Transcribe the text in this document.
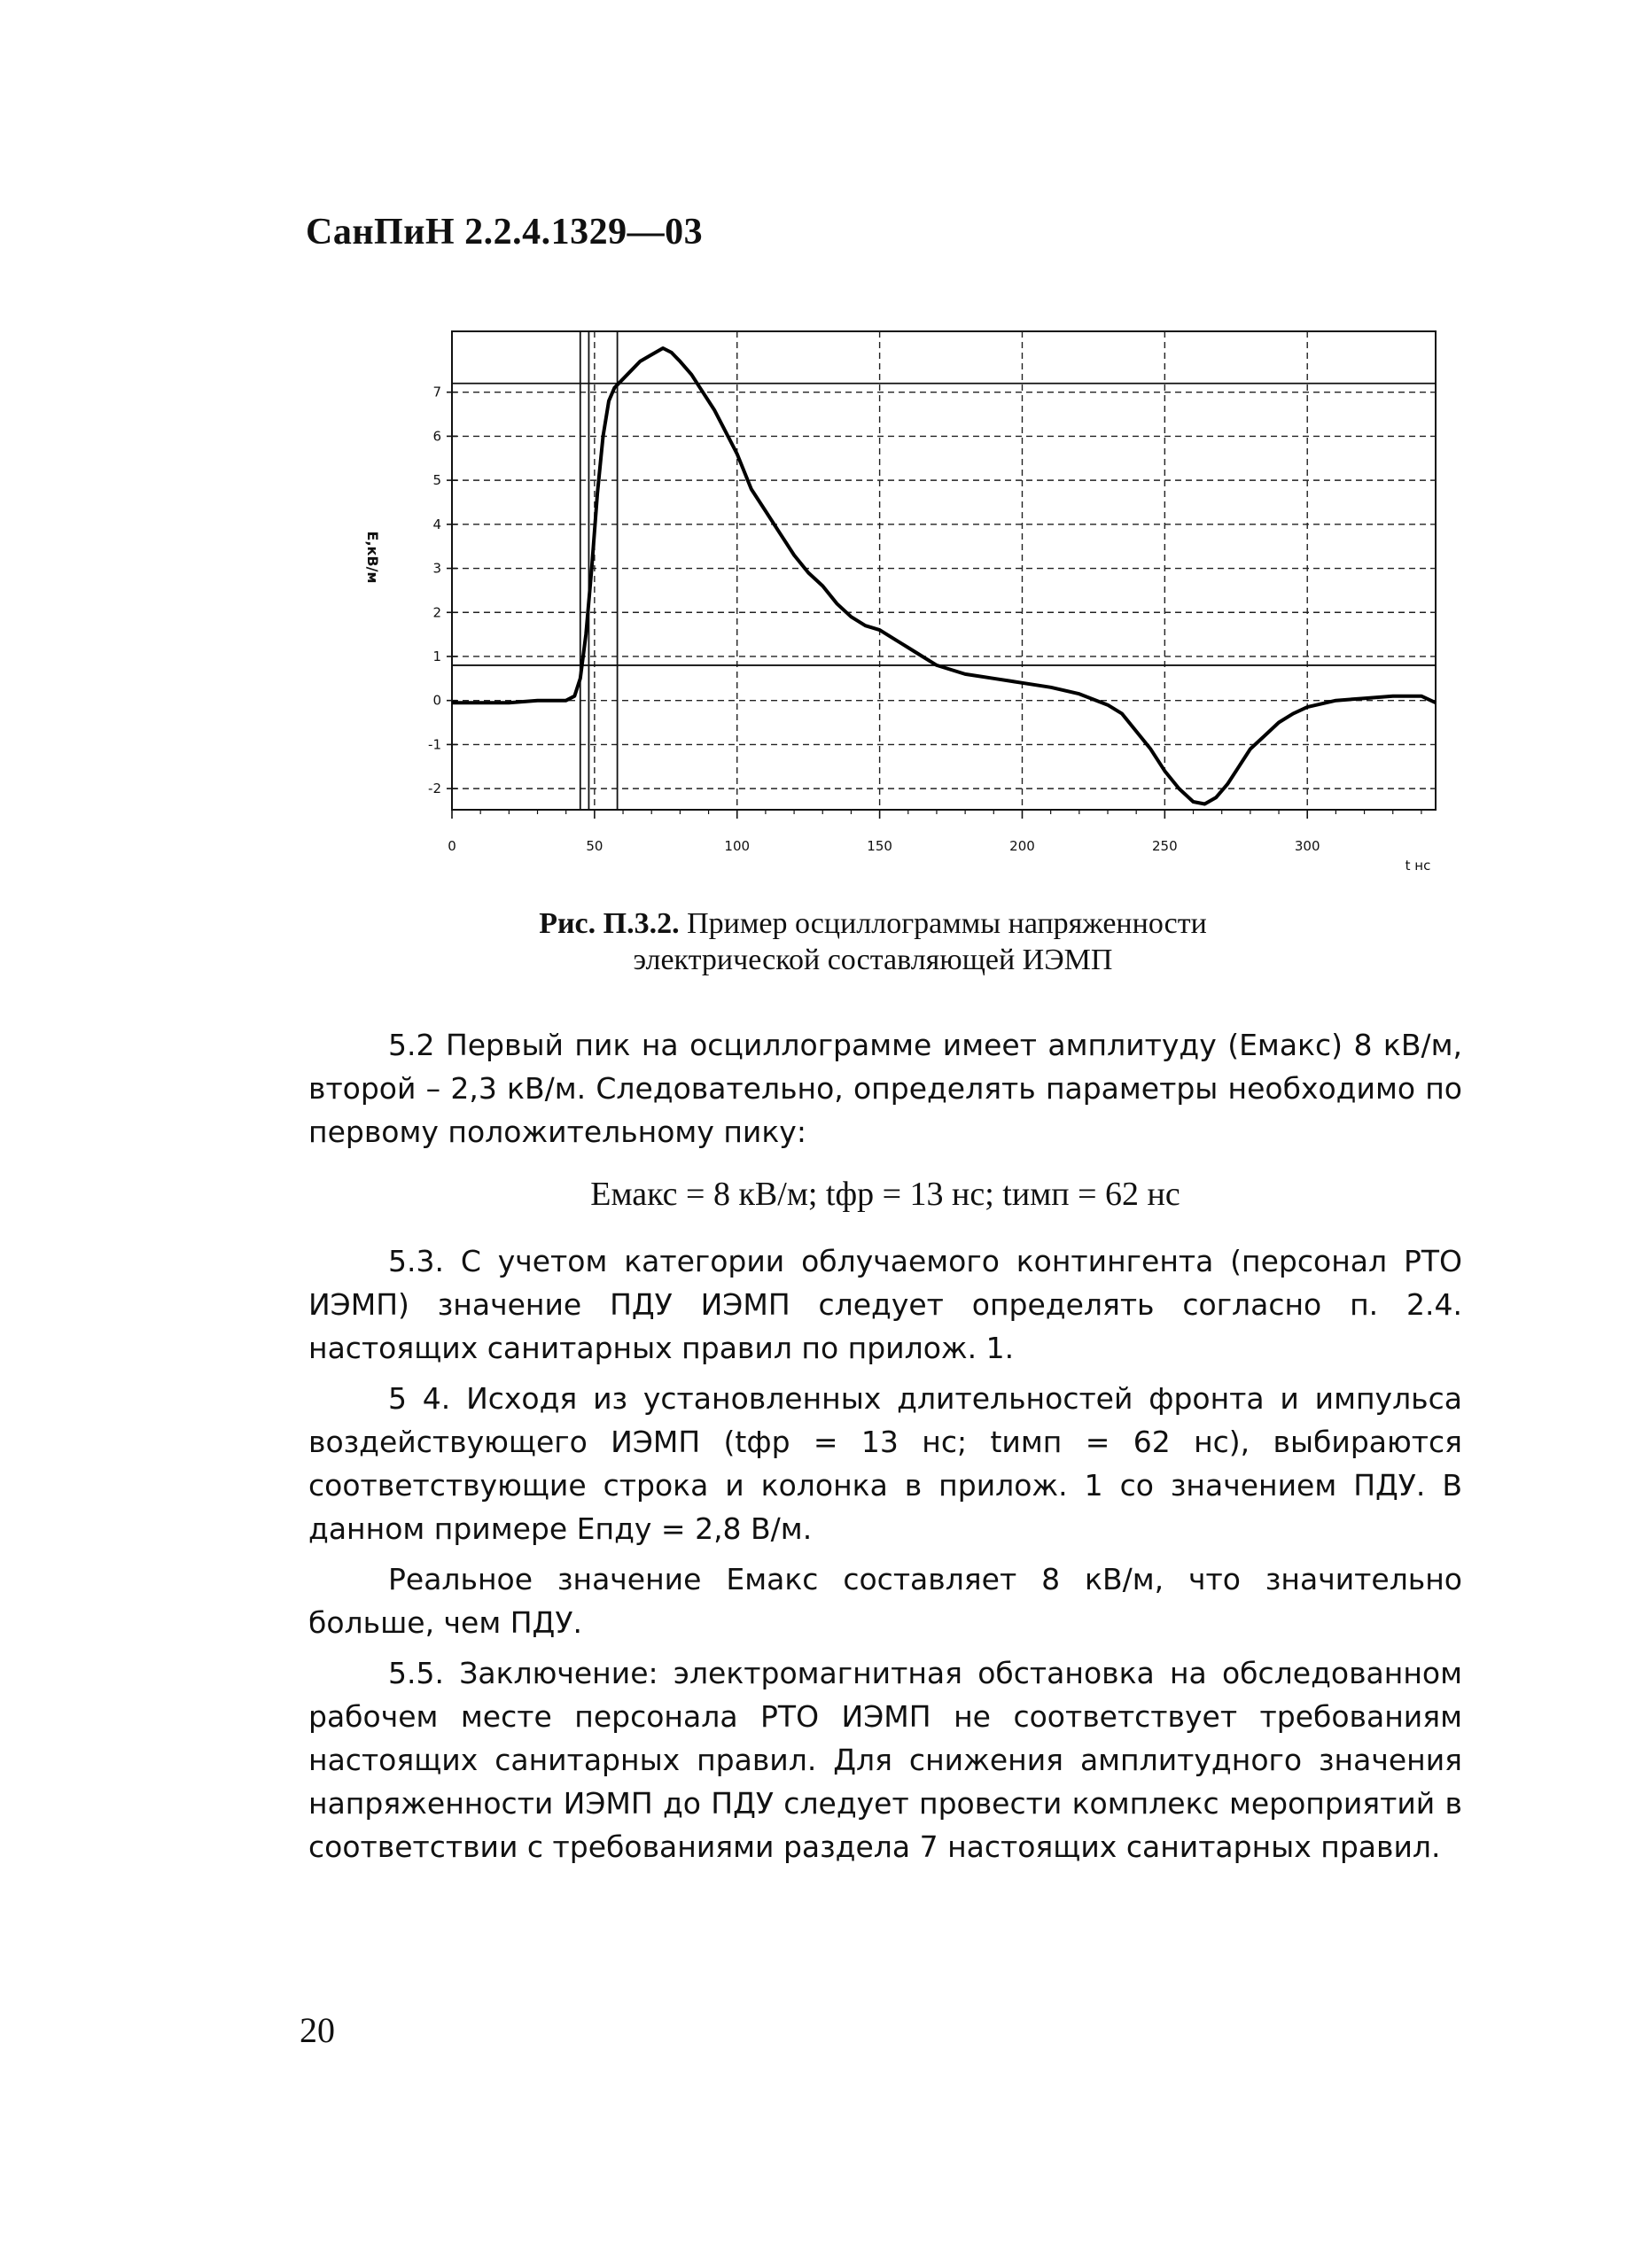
СанПиН 2.2.4.1329—03
-2
-1
0
1
2
3
4
5
6
7
0	50	100	150	200	250	300
E,кВ/м
t нс
Рис. П.3.2. Пример осциллограммы напряженности
электрической составляющей ИЭМП

5.2 Первый пик на осциллограмме имеет амплитуду (Eмакс) 8 кВ/м, второй – 2,3 кВ/м. Следовательно, определять параметры необходимо по первому положительному пику:

Eмакс = 8 кВ/м; tфр = 13 нс; tимп = 62 нс

5.3. С учетом категории облучаемого контингента (персонал РТО ИЭМП) значение ПДУ ИЭМП следует определять согласно п. 2.4. настоящих санитарных правил по прилож. 1.

5 4. Исходя из установленных длительностей фронта и импульса воздействующего ИЭМП (tфр = 13 нс; tимп = 62 нс), выбираются соответствующие строка и колонка в прилож. 1 со значением ПДУ. В данном примере Eпду = 2,8 В/м.

Реальное значение Eмакс составляет 8 кВ/м, что значительно больше, чем ПДУ.

5.5. Заключение: электромагнитная обстановка на обследованном рабочем месте персонала РТО ИЭМП не соответствует требованиям настоящих санитарных правил. Для снижения амплитудного значения напряженности ИЭМП до ПДУ следует провести комплекс мероприятий в соответствии с требованиями раздела 7 настоящих санитарных правил.

20
